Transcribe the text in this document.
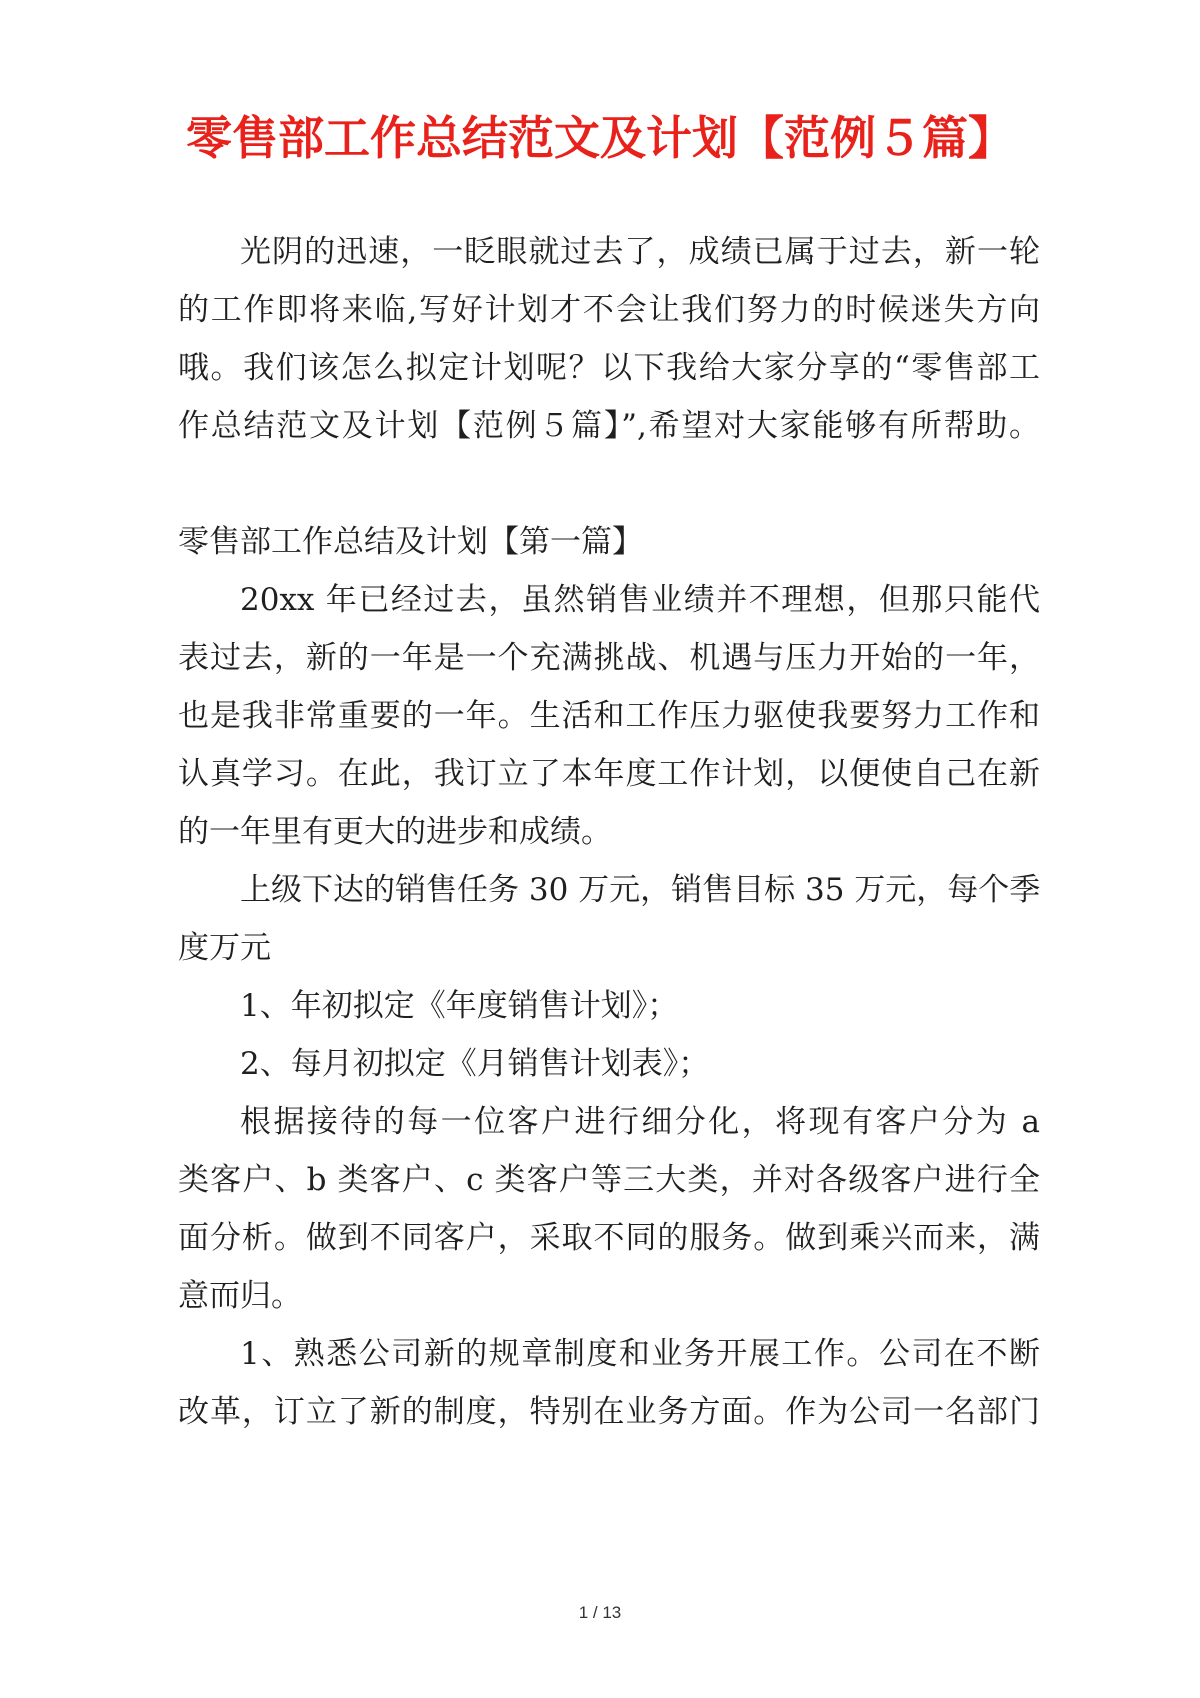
零售部工作总结范文及计划【范例５篇】
光阴的迅速，一眨眼就过去了，成绩已属于过去，新一轮
的工作即将来临,写好计划才不会让我们努力的时候迷失方向
哦。我们该怎么拟定计划呢？以下我给大家分享的“零售部工
作总结范文及计划【范例５篇】”,希望对大家能够有所帮助。
零售部工作总结及计划【第一篇】
20xx 年已经过去，虽然销售业绩并不理想，但那只能代
表过去，新的一年是一个充满挑战、机遇与压力开始的一年，
也是我非常重要的一年。生活和工作压力驱使我要努力工作和
认真学习。在此，我订立了本年度工作计划，以便使自己在新
的一年里有更大的进步和成绩。
上级下达的销售任务 30 万元，销售目标 35 万元，每个季
度万元
1、年初拟定《年度销售计划》；
2、每月初拟定《月销售计划表》；
根据接待的每一位客户进行细分化，将现有客户分为 a
类客户、b 类客户、c 类客户等三大类，并对各级客户进行全
面分析。做到不同客户，采取不同的服务。做到乘兴而来，满
意而归。
1、熟悉公司新的规章制度和业务开展工作。公司在不断
改革，订立了新的制度，特别在业务方面。作为公司一名部门
1 / 13
